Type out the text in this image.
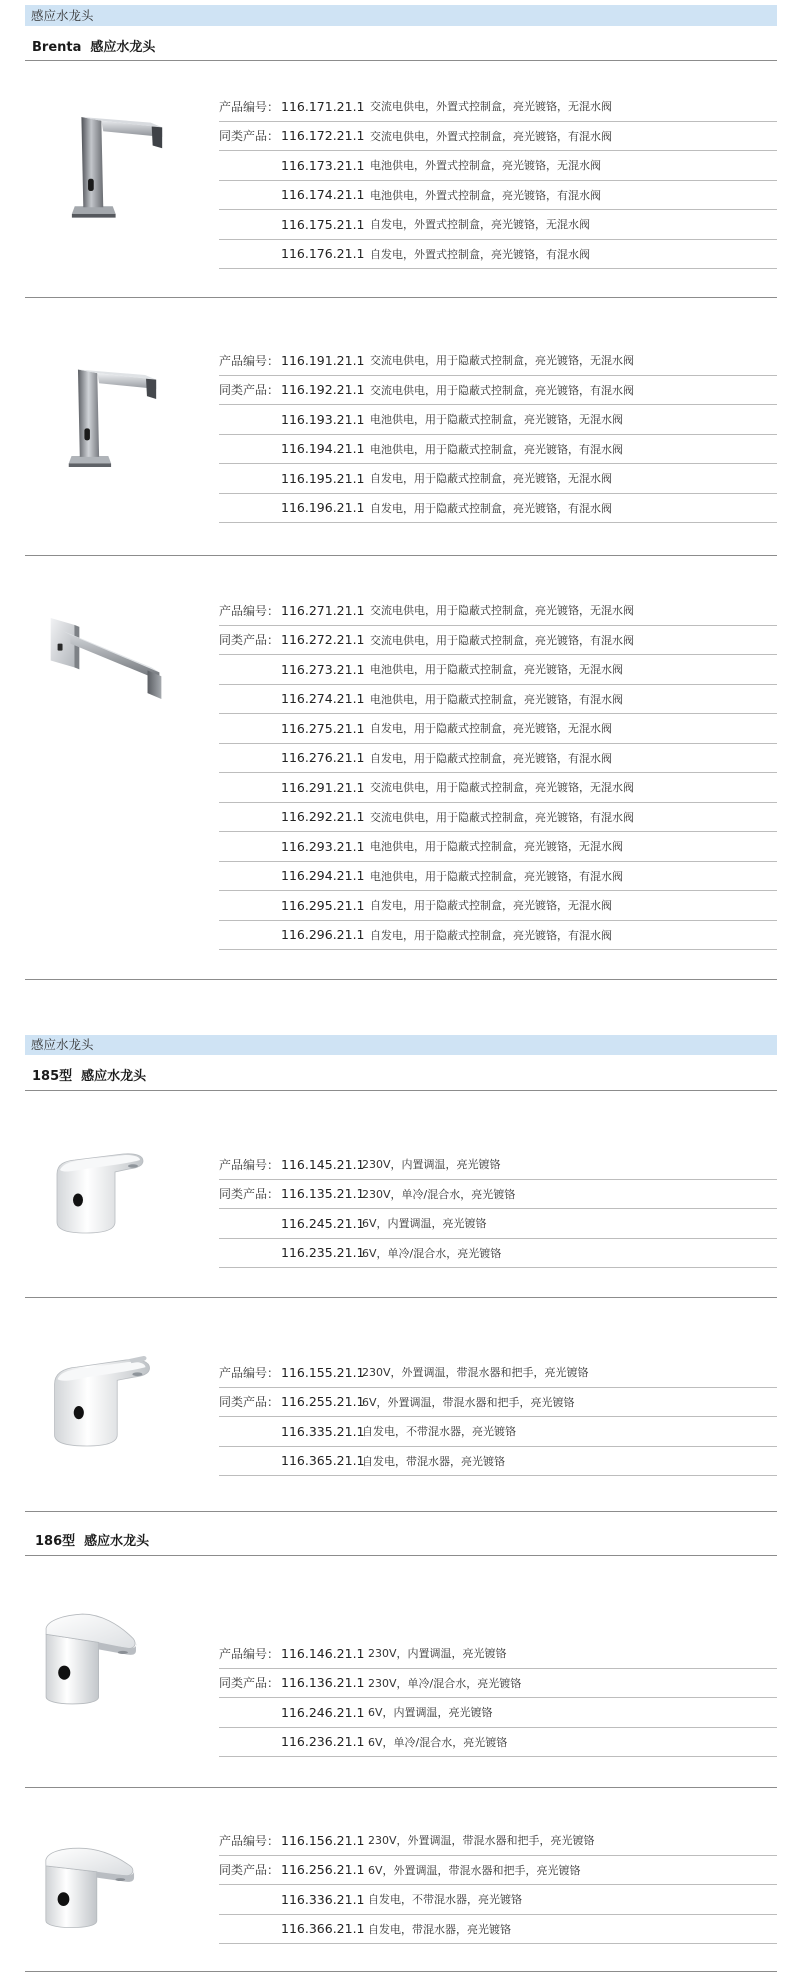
感应水龙头
Brenta 感应水龙头
产品编号： 116.171.21.1 交流电供电，外置式控制盒，亮光镀铬，无混水阀
同类产品： 116.172.21.1 交流电供电，外置式控制盒，亮光镀铬，有混水阀
116.173.21.1 电池供电，外置式控制盒，亮光镀铬，无混水阀
116.174.21.1 电池供电，外置式控制盒，亮光镀铬，有混水阀
116.175.21.1 自发电，外置式控制盒，亮光镀铬，无混水阀
116.176.21.1 自发电，外置式控制盒，亮光镀铬，有混水阀
产品编号： 116.191.21.1 交流电供电，用于隐蔽式控制盒，亮光镀铬，无混水阀
同类产品： 116.192.21.1 交流电供电，用于隐蔽式控制盒，亮光镀铬，有混水阀
116.193.21.1 电池供电，用于隐蔽式控制盒，亮光镀铬，无混水阀
116.194.21.1 电池供电，用于隐蔽式控制盒，亮光镀铬，有混水阀
116.195.21.1 自发电，用于隐蔽式控制盒，亮光镀铬，无混水阀
116.196.21.1 自发电，用于隐蔽式控制盒，亮光镀铬，有混水阀
产品编号： 116.271.21.1 交流电供电，用于隐蔽式控制盒，亮光镀铬，无混水阀
同类产品： 116.272.21.1 交流电供电，用于隐蔽式控制盒，亮光镀铬，有混水阀
116.273.21.1 电池供电，用于隐蔽式控制盒，亮光镀铬，无混水阀
116.274.21.1 电池供电，用于隐蔽式控制盒，亮光镀铬，有混水阀
116.275.21.1 自发电，用于隐蔽式控制盒，亮光镀铬，无混水阀
116.276.21.1 自发电，用于隐蔽式控制盒，亮光镀铬，有混水阀
116.291.21.1 交流电供电，用于隐蔽式控制盒，亮光镀铬，无混水阀
116.292.21.1 交流电供电，用于隐蔽式控制盒，亮光镀铬，有混水阀
116.293.21.1 电池供电，用于隐蔽式控制盒，亮光镀铬，无混水阀
116.294.21.1 电池供电，用于隐蔽式控制盒，亮光镀铬，有混水阀
116.295.21.1 自发电，用于隐蔽式控制盒，亮光镀铬，无混水阀
116.296.21.1 自发电，用于隐蔽式控制盒，亮光镀铬，有混水阀
感应水龙头
185型 感应水龙头
产品编号： 116.145.21.1
230V，内置调温，亮光镀铬
同类产品： 116.135.21.1
230V，单冷/混合水，亮光镀铬
116.245.21.1
6V，内置调温，亮光镀铬
116.235.21.1
6V，单冷/混合水，亮光镀铬
产品编号： 116.155.21.1
230V，外置调温，带混水器和把手，亮光镀铬
同类产品： 116.255.21.1
6V，外置调温，带混水器和把手，亮光镀铬
116.335.21.1
自发电，不带混水器，亮光镀铬
116.365.21.1
自发电，带混水器，亮光镀铬
186型 感应水龙头
产品编号： 116.146.21.1 230V，内置调温，亮光镀铬
同类产品： 116.136.21.1 230V，单冷/混合水，亮光镀铬
116.246.21.1 6V，内置调温，亮光镀铬
116.236.21.1 6V，单冷/混合水，亮光镀铬
产品编号： 116.156.21.1 230V，外置调温，带混水器和把手，亮光镀铬
同类产品： 116.256.21.1 6V，外置调温，带混水器和把手，亮光镀铬
116.336.21.1 自发电，不带混水器，亮光镀铬
116.366.21.1 自发电，带混水器，亮光镀铬
